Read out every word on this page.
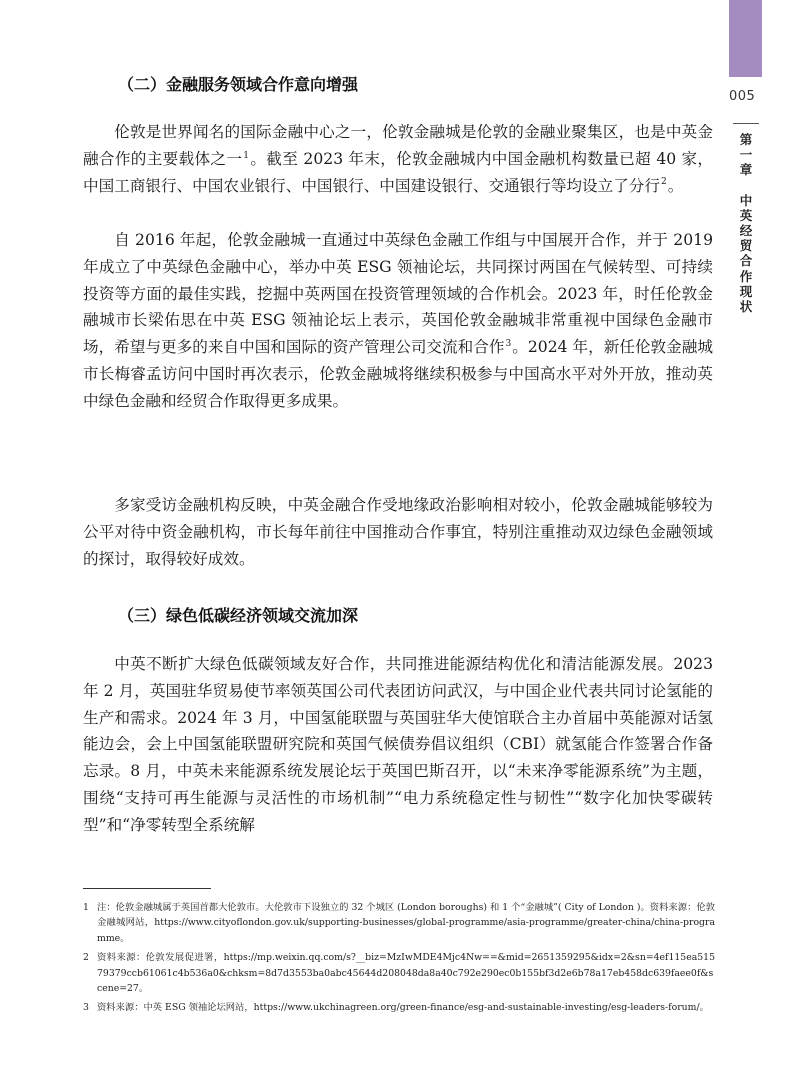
005
第一章
中英经贸合作现状
（二）金融服务领域合作意向增强

伦敦是世界闻名的国际金融中心之一，伦敦金融城是伦敦的金融业聚集区，也是中英金融合作的主要载体之一$^1$。截至 2023 年末，伦敦金融城内中国金融机构数量已超 40 家，中国工商银行、中国农业银行、中国银行、中国建设银行、交通银行等均设立了分行$^2$。

自 2016 年起，伦敦金融城一直通过中英绿色金融工作组与中国展开合作，并于 2019 年成立了中英绿色金融中心，举办中英 ESG 领袖论坛，共同探讨两国在气候转型、可持续投资等方面的最佳实践，挖掘中英两国在投资管理领域的合作机会。2023 年，时任伦敦金融城市长梁佑思在中英 ESG 领袖论坛上表示，英国伦敦金融城非常重视中国绿色金融市场，希望与更多的来自中国和国际的资产管理公司交流和合作$^3$。2024 年，新任伦敦金融城市长梅睿孟访问中国时再次表示，伦敦金融城将继续积极参与中国高水平对外开放，推动英中绿色金融和经贸合作取得更多成果。

多家受访金融机构反映，中英金融合作受地缘政治影响相对较小，伦敦金融城能够较为公平对待中资金融机构，市长每年前往中国推动合作事宜，特别注重推动双边绿色金融领域的探讨，取得较好成效。

（三）绿色低碳经济领域交流加深

中英不断扩大绿色低碳领域友好合作，共同推进能源结构优化和清洁能源发展。2023 年 2 月，英国驻华贸易使节率领英国公司代表团访问武汉，与中国企业代表共同讨论氢能的生产和需求。2024 年 3 月，中国氢能联盟与英国驻华大使馆联合主办首届中英能源对话氢能边会，会上中国氢能联盟研究院和英国气候债券倡议组织（CBI）就氢能合作签署合作备忘录。8 月，中英未来能源系统发展论坛于英国巴斯召开，以“未来净零能源系统”为主题，围绕“支持可再生能源与灵活性的市场机制”“电力系统稳定性与韧性”“数字化加快零碳转型”和“净零转型全系统解

1 注：伦敦金融城属于英国首都大伦敦市。大伦敦市下设独立的 32 个城区 (London boroughs) 和 1 个“金融城”( City of London )。资料来源：伦敦金融城网站，https://www.cityoflondon.gov.uk/supporting-businesses/global-programme/asia-programme/greater-china/china-programme。
2 资料来源：伦敦发展促进署，https://mp.weixin.qq.com/s?__biz=MzIwMDE4Mjc4Nw==&mid=2651359295&idx=2&sn=4ef115ea51579379ccb61061c4b536a0&chksm=8d7d3553ba0abc45644d208048da8a40c792e290ec0b155bf3d2e6b78a17eb458dc639faee0f&scene=27。
3 资料来源：中英 ESG 领袖论坛网站，https://www.ukchinagreen.org/green-finance/esg-and-sustainable-investing/esg-leaders-forum/。
